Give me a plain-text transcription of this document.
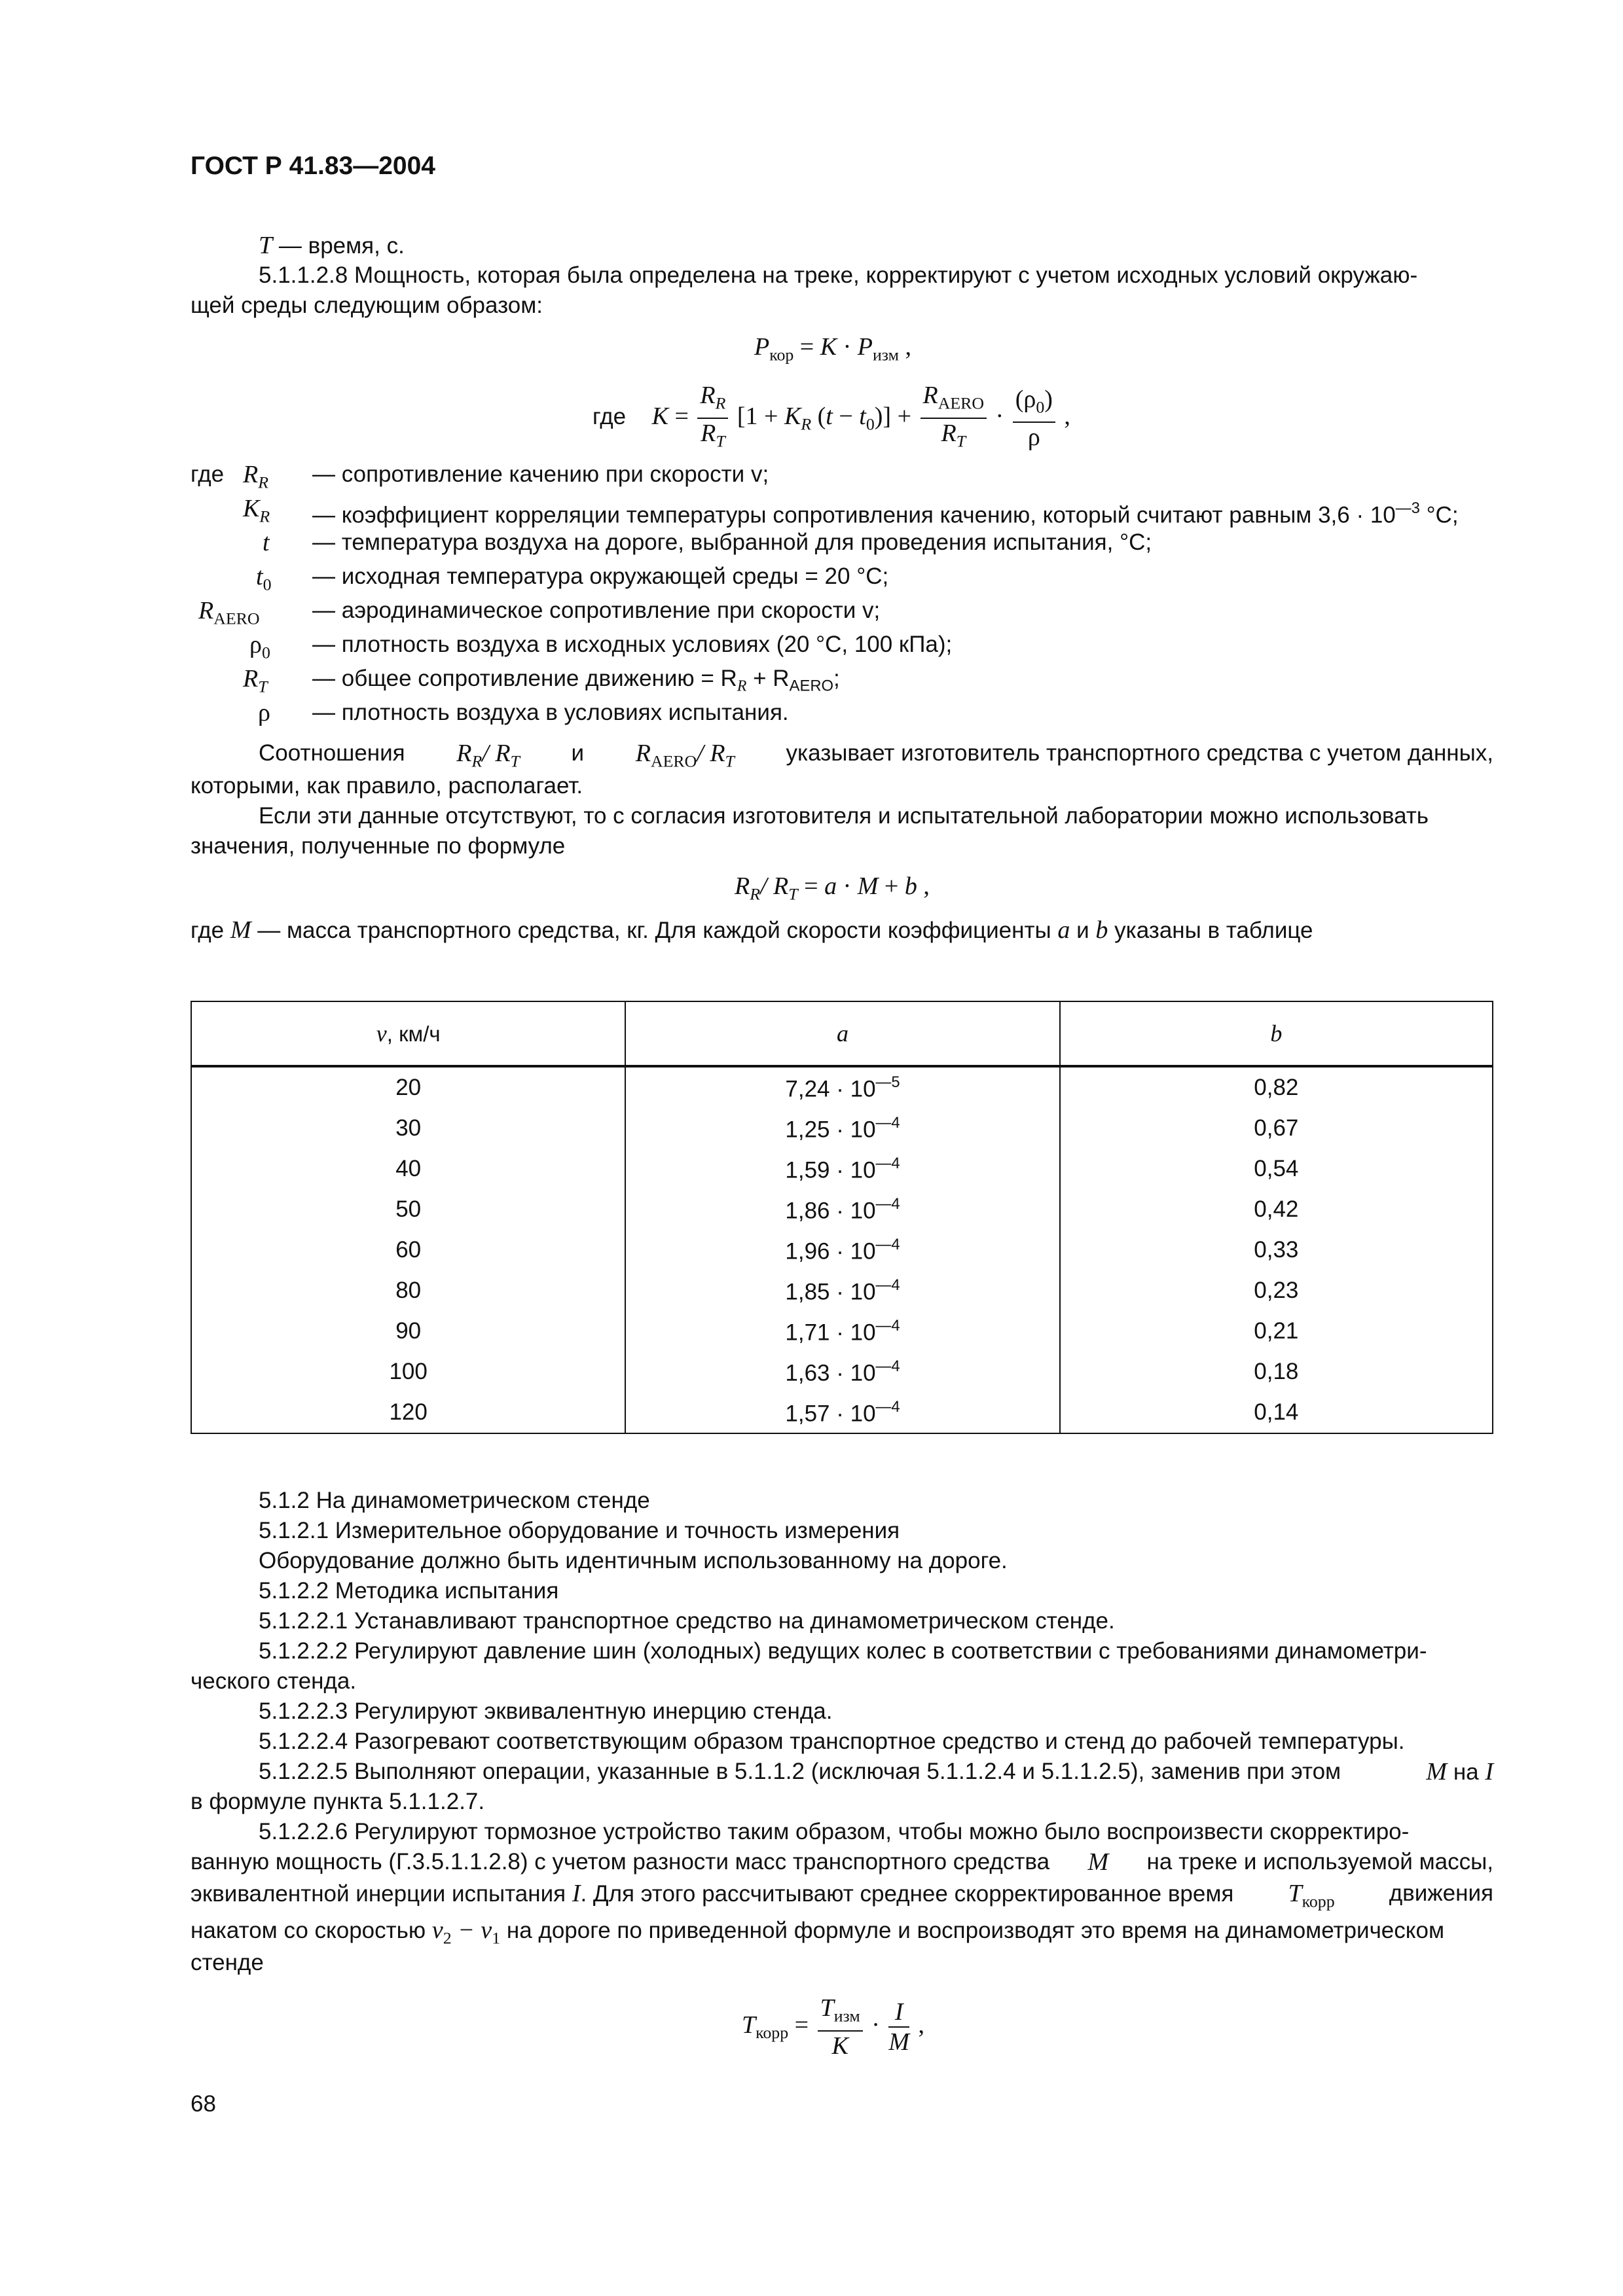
ГОСТ Р 41.83—2004
T — время, с.
5.1.1.2.8 Мощность, которая была определена на треке, корректируют с учетом исходных условий окружаю-
щей среды следующим образом:
$P_{кор} = K \cdot P_{изм}$ ,
где $K = \frac{R_R}{R_T} [1 + K_R$ $(t - t_0)] + \frac{R_{AERO}}{R_T} \cdot \frac{(\rho_0)}{\rho}$ ,
где $R_R$ — сопротивление качению при скорости v;
$K_R$ — коэффициент корреляции температуры сопротивления качению, который считают равным $3,6 \cdot 10^{—3}$ °С;
t — температура воздуха на дороге, выбранной для проведения испытания, °С;
$t_0$ — исходная температура окружающей среды = 20 °С;
$R_{AERO}$ — аэродинамическое сопротивление при скорости v;
$\rho_0$ — плотность воздуха в исходных условиях (20 °С, 100 кПа);
$R_T$ — общее сопротивление движению = $R_R + R_{AERO}$;
ρ — плотность воздуха в условиях испытания.
Соотношения $R_R/$ $R_T$ и $R_{AERO}/$ $R_T$ указывает изготовитель транспортного средства с учетом данных,
которыми, как правило, располагает.
Если эти данные отсутствуют, то с согласия изготовителя и испытательной лаборатории можно использовать
значения, полученные по формуле
$R_R/$ $R_T = a \cdot M + b$ ,
где M — масса транспортного средства, кг. Для каждой скорости коэффициенты a и b указаны в таблице
v, км/ч	a	b
20	$7,24 \cdot 10^{—5}$	0,82
30	$1,25 \cdot 10^{—4}$	0,67
40	$1,59 \cdot 10^{—4}$	0,54
50	$1,86 \cdot 10^{—4}$	0,42
60	$1,96 \cdot 10^{—4}$	0,33
80	$1,85 \cdot 10^{—4}$	0,23
90	$1,71 \cdot 10^{—4}$	0,21
100	$1,63 \cdot 10^{—4}$	0,18
120	$1,57 \cdot 10^{—4}$	0,14
5.1.2 На динамометрическом стенде
5.1.2.1 Измерительное оборудование и точность измерения
Оборудование должно быть идентичным использованному на дороге.
5.1.2.2 Методика испытания
5.1.2.2.1 Устанавливают транспортное средство на динамометрическом стенде.
5.1.2.2.2 Регулируют давление шин (холодных) ведущих колес в соответствии с требованиями динамометри-
ческого стенда.
5.1.2.2.3 Регулируют эквивалентную инерцию стенда.
5.1.2.2.4 Разогревают соответствующим образом транспортное средство и стенд до рабочей температуры.
5.1.2.2.5 Выполняют операции, указанные в 5.1.1.2 (исключая 5.1.1.2.4 и 5.1.1.2.5), заменив при этом	M на I
в формуле пункта 5.1.1.2.7.
5.1.2.2.6 Регулируют тормозное устройство таким образом, чтобы можно было воспроизвести скорректиро-
ванную мощность (Г.3.5.1.1.2.8) с учетом разности масс транспортного средства M на треке и используемой массы,
эквивалентной инерции испытания I. Для этого рассчитывают среднее скорректированное время $T_{корр}$ движения
накатом со скоростью $v_2 - v_1$ на дороге по приведенной формуле и воспроизводят это время на динамометрическом
стенде
$T_{корр} = \frac{T_{изм}}{K} \cdot \frac{I}{M}$ ,
68
